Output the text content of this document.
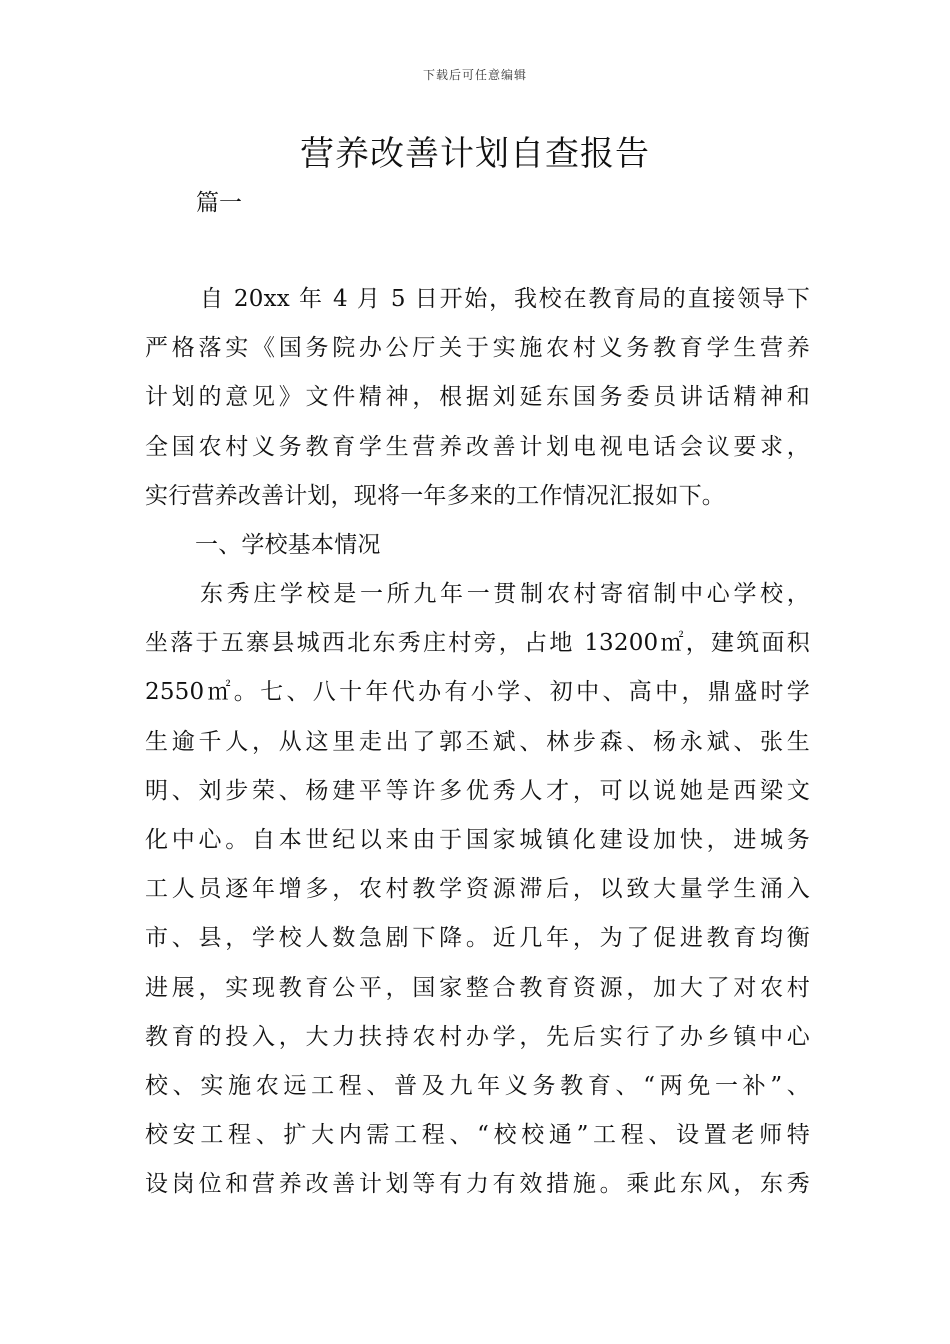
下载后可任意编辑
营养改善计划自查报告
篇一
自 20xx 年 4 月 5 日开始，我校在教育局的直接领导下
严格落实《国务院办公厅关于实施农村义务教育学生营养
计划的意见》文件精神，根据刘延东国务委员讲话精神和
全国农村义务教育学生营养改善计划电视电话会议要求，
实行营养改善计划，现将一年多来的工作情况汇报如下。
一、学校基本情况
东秀庄学校是一所九年一贯制农村寄宿制中心学校，
坐落于五寨县城西北东秀庄村旁，占地 13200㎡，建筑面积
2550㎡。七、八十年代办有小学、初中、高中，鼎盛时学
生逾千人，从这里走出了郭丕斌、林步森、杨永斌、张生
明、刘步荣、杨建平等许多优秀人才，可以说她是西梁文
化中心。自本世纪以来由于国家城镇化建设加快，进城务
工人员逐年增多，农村教学资源滞后，以致大量学生涌入
市、县，学校人数急剧下降。近几年，为了促进教育均衡
进展，实现教育公平，国家整合教育资源，加大了对农村
教育的投入，大力扶持农村办学，先后实行了办乡镇中心
校、实施农远工程、普及九年义务教育、“两免一补”、
校安工程、扩大内需工程、“校校通”工程、设置老师特
设岗位和营养改善计划等有力有效措施。乘此东风，东秀
